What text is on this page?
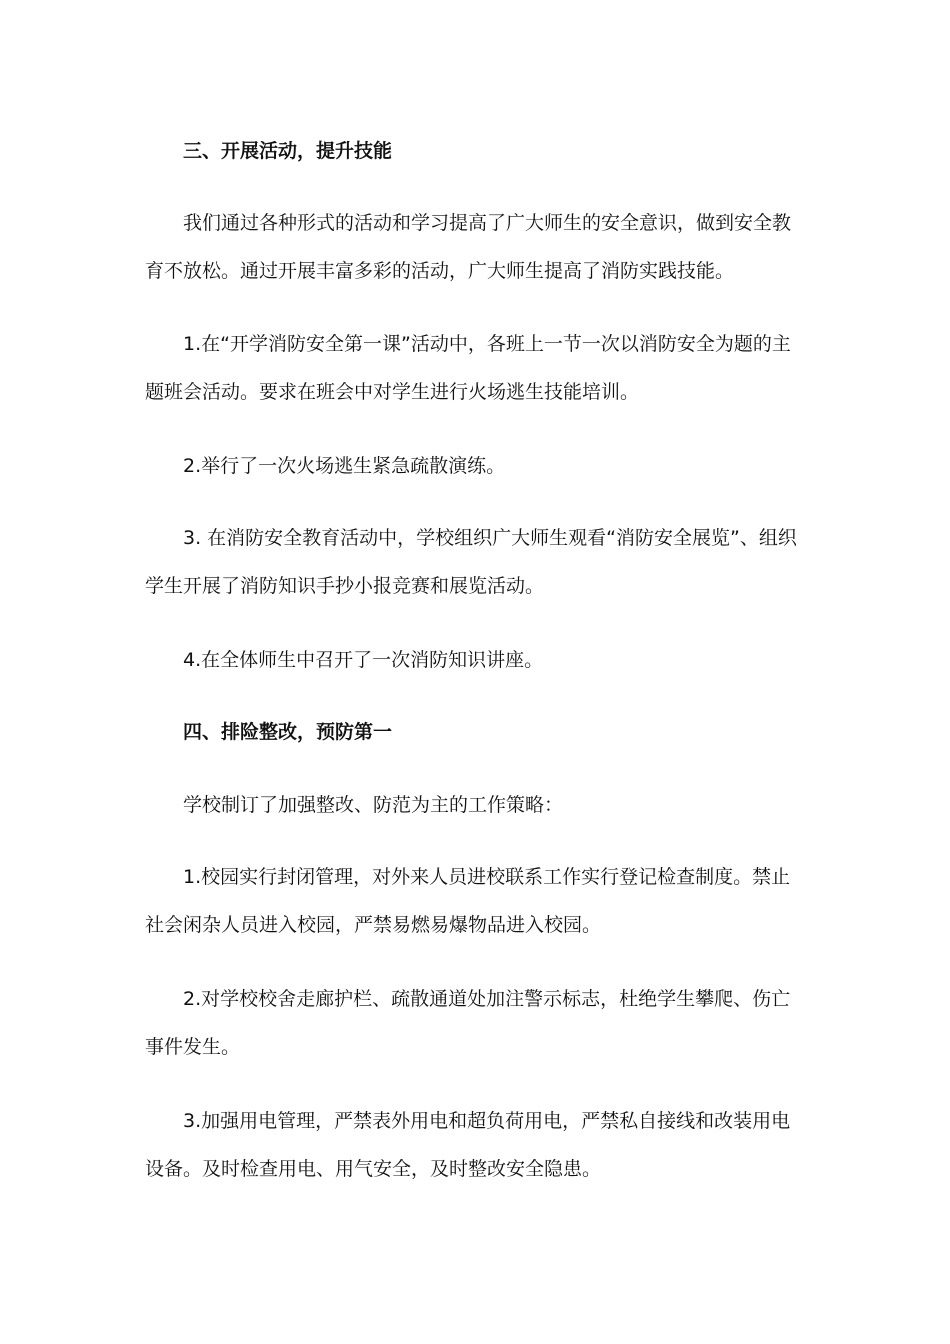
三、开展活动，提升技能

我们通过各种形式的活动和学习提高了广大师生的安全意识，做到安全教育不放松。通过开展丰富多彩的活动，广大师生提高了消防实践技能。

1.在“开学消防安全第一课”活动中，各班上一节一次以消防安全为题的主题班会活动。要求在班会中对学生进行火场逃生技能培训。

2.举行了一次火场逃生紧急疏散演练。

3. 在消防安全教育活动中，学校组织广大师生观看“消防安全展览”、组织学生开展了消防知识手抄小报竞赛和展览活动。

4.在全体师生中召开了一次消防知识讲座。

四、排险整改，预防第一

学校制订了加强整改、防范为主的工作策略：

1.校园实行封闭管理，对外来人员进校联系工作实行登记检查制度。禁止社会闲杂人员进入校园，严禁易燃易爆物品进入校园。

2.对学校校舍走廊护栏、疏散通道处加注警示标志，杜绝学生攀爬、伤亡事件发生。

3.加强用电管理，严禁表外用电和超负荷用电，严禁私自接线和改装用电设备。及时检查用电、用气安全，及时整改安全隐患。
